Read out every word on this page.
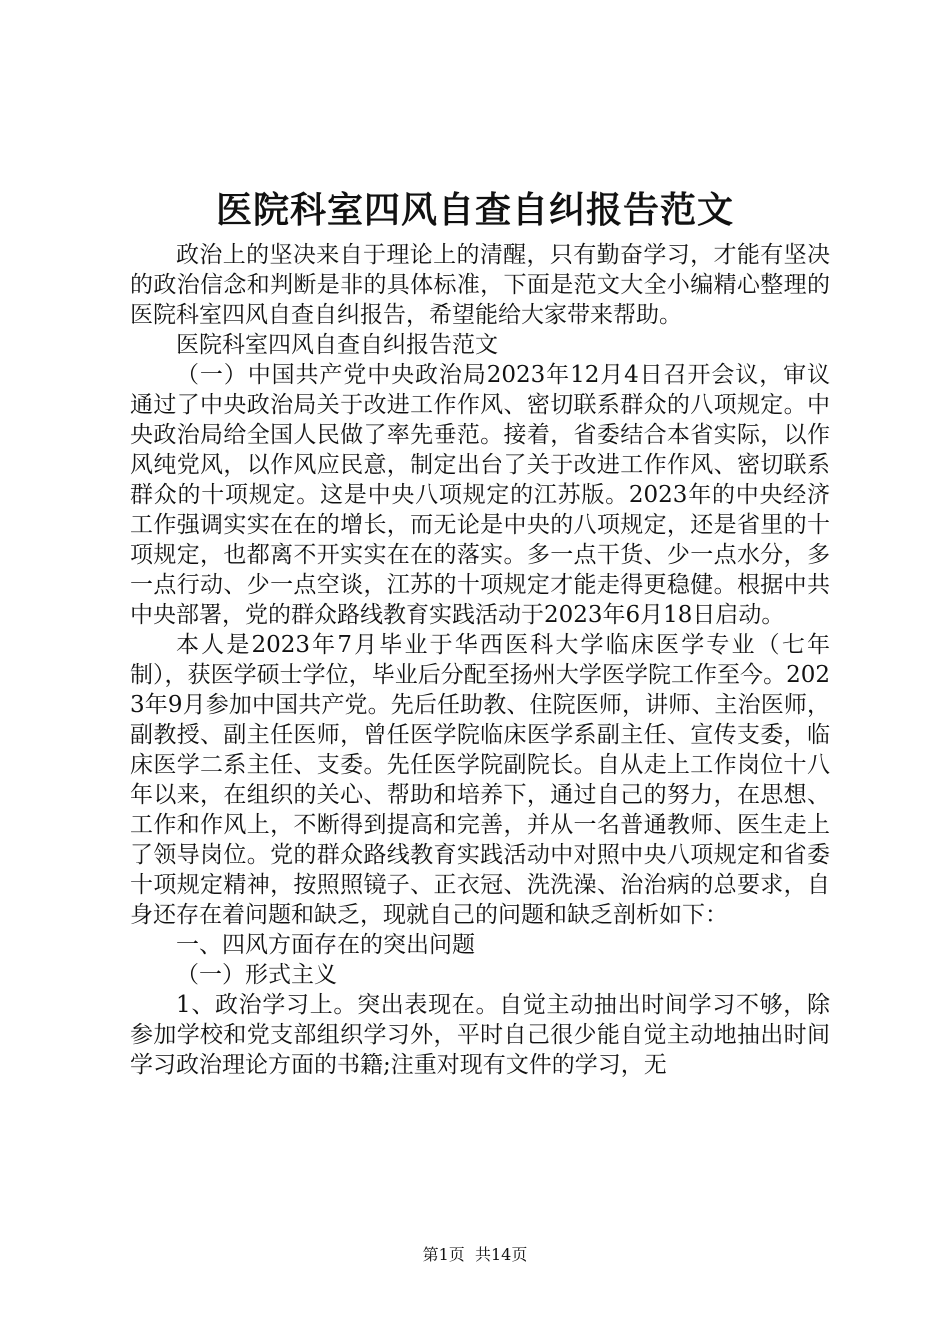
医院科室四风自查自纠报告范文

政治上的坚决来自于理论上的清醒，只有勤奋学习，才能有坚决的政治信念和判断是非的具体标准，下面是范文大全小编精心整理的医院科室四风自查自纠报告，希望能给大家带来帮助。

医院科室四风自查自纠报告范文

（一）中国共产党中央政治局2023年12月4日召开会议，审议通过了中央政治局关于改进工作作风、密切联系群众的八项规定。中央政治局给全国人民做了率先垂范。接着，省委结合本省实际，以作风纯党风，以作风应民意，制定出台了关于改进工作作风、密切联系群众的十项规定。这是中央八项规定的江苏版。2023年的中央经济工作强调实实在在的增长，而无论是中央的八项规定，还是省里的十项规定，也都离不开实实在在的落实。多一点干货、少一点水分，多一点行动、少一点空谈，江苏的十项规定才能走得更稳健。根据中共中央部署，党的群众路线教育实践活动于2023年6月18日启动。

本人是2023年7月毕业于华西医科大学临床医学专业（七年制），获医学硕士学位，毕业后分配至扬州大学医学院工作至今。2023年9月参加中国共产党。先后任助教、住院医师，讲师、主治医师，副教授、副主任医师，曾任医学院临床医学系副主任、宣传支委，临床医学二系主任、支委。先任医学院副院长。自从走上工作岗位十八年以来，在组织的关心、帮助和培养下，通过自己的努力，在思想、工作和作风上，不断得到提高和完善，并从一名普通教师、医生走上了领导岗位。党的群众路线教育实践活动中对照中央八项规定和省委十项规定精神，按照照镜子、正衣冠、洗洗澡、治治病的总要求，自身还存在着问题和缺乏，现就自己的问题和缺乏剖析如下：

一、四风方面存在的突出问题

（一）形式主义

1、政治学习上。突出表现在。自觉主动抽出时间学习不够，除参加学校和党支部组织学习外，平时自己很少能自觉主动地抽出时间学习政治理论方面的书籍;注重对现有文件的学习，无

第1页 共14页
